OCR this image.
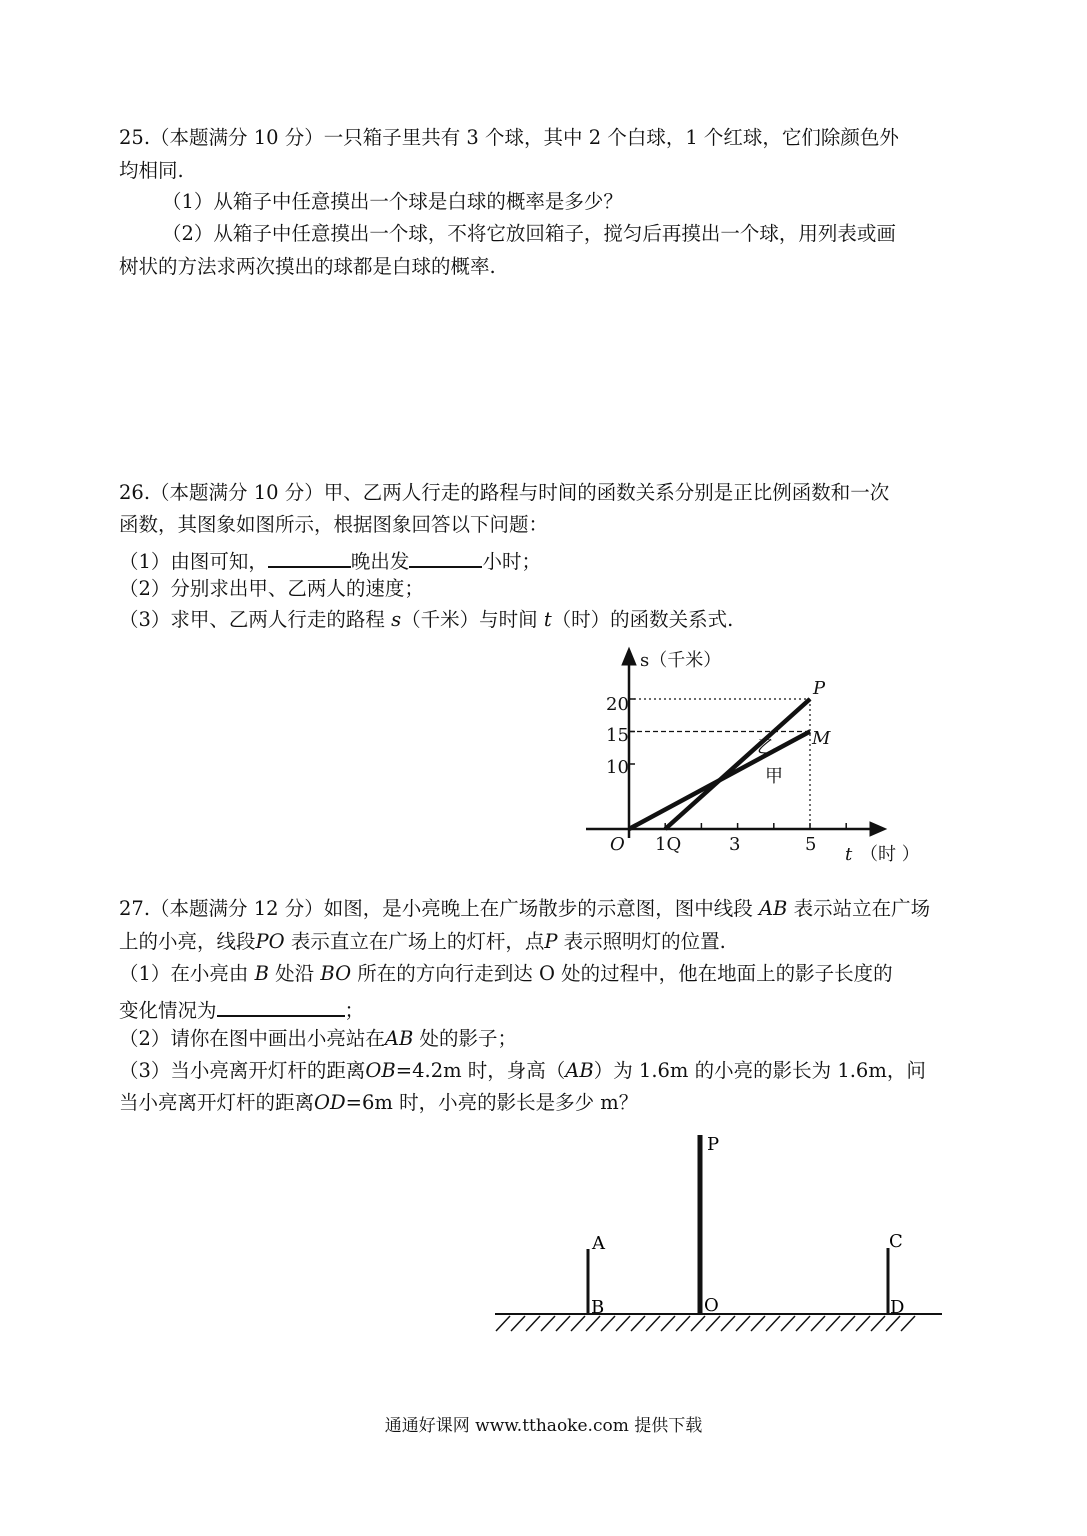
25.（本题满分 10 分）一只箱子里共有 3 个球，其中 2 个白球，1 个红球，它们除颜色外
均相同.
（1）从箱子中任意摸出一个球是白球的概率是多少？
（2）从箱子中任意摸出一个球，不将它放回箱子，搅匀后再摸出一个球，用列表或画
树状的方法求两次摸出的球都是白球的概率.
26.（本题满分 10 分）甲、乙两人行走的路程与时间的函数关系分别是正比例函数和一次
函数，其图象如图所示，根据图象回答以下问题：
（1）由图可知，	晚出发	小时；
（2）分别求出甲、乙两人的速度；
（3）求甲、乙两人行走的路程 s（千米）与时间 t（时）的函数关系式.
s（千米）
20
15
10
O 1Q	3	5 t （时 ）
P
M
乙
甲
27.（本题满分 12 分）如图，是小亮晚上在广场散步的示意图，图中线段 AB 表示站立在广场
上的小亮，线段PO 表示直立在广场上的灯杆，点P 表示照明灯的位置.
（1）在小亮由 B 处沿 BO 所在的方向行走到达 O 处的过程中，他在地面上的影子长度的
变化情况为	；
（2）请你在图中画出小亮站在AB 处的影子；
（3）当小亮离开灯杆的距离OB=4.2m 时，身高（AB）为 1.6m 的小亮的影长为 1.6m，问
当小亮离开灯杆的距离OD=6m 时，小亮的影长是多少 m？
P
A
B	O
C
D
通通好课网 www.tthaoke.com 提供下载
